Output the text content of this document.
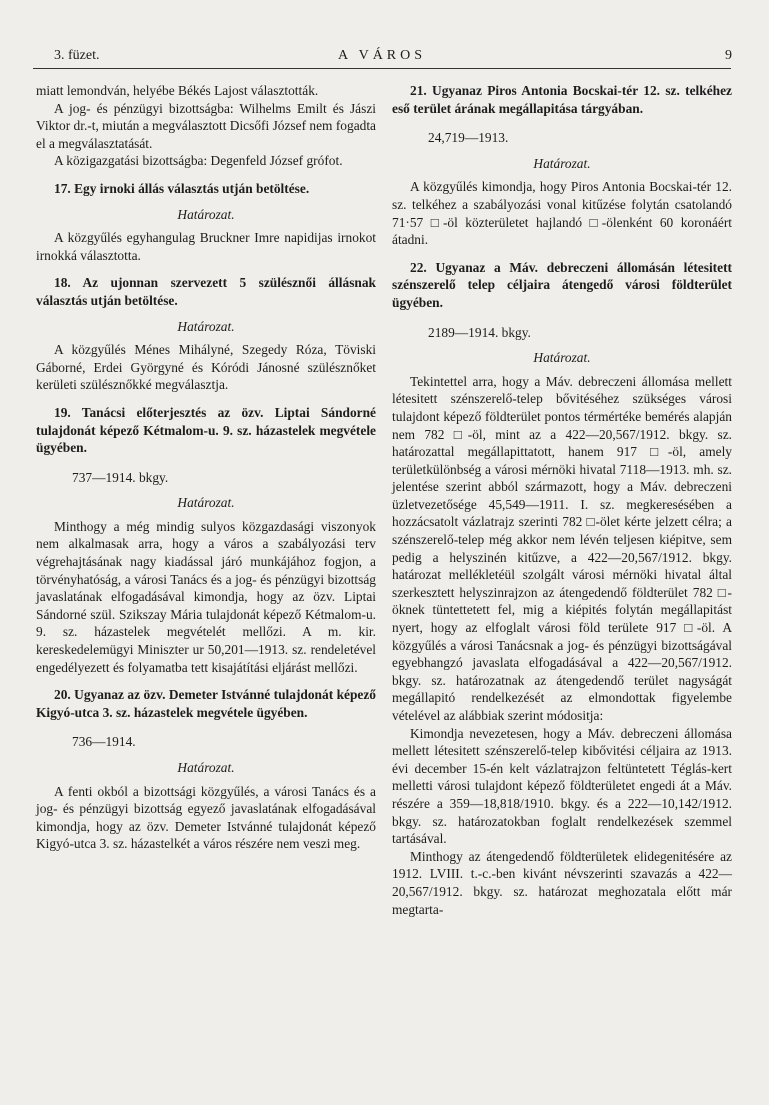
3. füzet.	A VÁROS	9

miatt lemondván, helyébe Békés Lajost választották.

A jog- és pénzügyi bizottságba: Wilhelms Emilt és Jászi Viktor dr.-t, miután a megválasztott Dicsőfi József nem fogadta el a megválasztatását.

A közigazgatási bizottságba: Degenfeld József grófot.

17. Egy irnoki állás választás utján betöltése.
Határozat.

A közgyűlés egyhangulag Bruckner Imre napidijas irnokot irnokká választotta.

18. Az ujonnan szervezett 5 szülésznői állásnak választás utján betöltése.
Határozat.

A közgyűlés Ménes Mihályné, Szegedy Róza, Töviski Gáborné, Erdei Györgyné és Kóródi Jánosné szülésznőket kerületi szülésznőkké megválasztja.

19. Tanácsi előterjesztés az özv. Liptai Sándorné tulajdonát képező Kétmalom-u. 9. sz. házastelek megvétele ügyében.
737—1914. bkgy.
Határozat.

Minthogy a még mindig sulyos közgazdasági viszonyok nem alkalmasak arra, hogy a város a szabályozási terv végrehajtásának nagy kiadással járó munkájához fogjon, a törvényhatóság, a városi Tanács és a jog- és pénzügyi bizottság javaslatának elfogadásával kimondja, hogy az özv. Liptai Sándorné szül. Szikszay Mária tulajdonát képező Kétmalom-u. 9. sz. házastelek megvételét mellőzi. A m. kir. kereskedelemügyi Miniszter ur 50,201—1913. sz. rendeletével engedélyezett és folyamatba tett kisajátítási eljárást mellőzi.

20. Ugyanaz az özv. Demeter Istvánné tulajdonát képező Kigyó-utca 3. sz. házastelek megvétele ügyében.
736—1914.
Határozat.

A fenti okból a bizottsági közgyűlés, a városi Tanács és a jog- és pénzügyi bizottság egyező javaslatának elfogadásával kimondja, hogy az özv. Demeter Istvánné tulajdonát képező Kigyó-utca 3. sz. házastelkét a város részére nem veszi meg.

21. Ugyanaz Piros Antonia Bocskai-tér 12. sz. telkéhez eső terület árának megállapitása tárgyában.
24,719—1913.
Határozat.

A közgyűlés kimondja, hogy Piros Antonia Bocskai-tér 12. sz. telkéhez a szabályozási vonal kitűzése folytán csatolandó 71·57 □-öl közterületet hajlandó □-ölenként 60 koronáért átadni.

22. Ugyanaz a Máv. debreczeni állomásán létesitett szénszerelő telep céljaira átengedő városi földterület ügyében.
2189—1914. bkgy.
Határozat.

Tekintettel arra, hogy a Máv. debreczeni állomása mellett létesitett szénszerelő-telep bővitéséhez szükséges városi tulajdont képező földterület pontos térmértéke bemérés alapján nem 782 □-öl, mint az a 422—20,567/1912. bkgy. sz. határozattal megállapittatott, hanem 917 □-öl, amely területkülönbség a városi mérnöki hivatal 7118—1913. mh. sz. jelentése szerint abból származott, hogy a Máv. debreczeni üzletvezetősége 45,549—1911. I. sz. megkeresésében a hozzácsatolt vázlatrajz szerinti 782 □-ölet kérte jelzett célra; a szénszerelő-telep még akkor nem lévén teljesen kiépitve, sem pedig a helyszinén kitűzve, a 422—20,567/1912. bkgy. határozat mellékletéül szolgált városi mérnöki hivatal által szerkesztett helyszinrajzon az átengedendő földterület 782 □-öknek tüntettetett fel, mig a kiépités folytán megállapitást nyert, hogy az elfoglalt városi föld területe 917 □-öl. A közgyűlés a városi Tanácsnak a jog- és pénzügyi bizottságával egyebhangzó javaslata elfogadásával a 422—20,567/1912. bkgy. sz. határozatnak az átengedendő terület nagyságát megállapitó rendelkezését az elmondottak figyelembe vételével az alábbiak szerint módositja:

Kimondja nevezetesen, hogy a Máv. debreczeni állomása mellett létesitett szénszerelő-telep kibővitési céljaira az 1913. évi december 15-én kelt vázlatrajzon feltüntetett Téglás-kert melletti városi tulajdont képező földterületet engedi át a Máv. részére a 359—18,818/1910. bkgy. és a 222—10,142/1912. bkgy. sz. határozatokban foglalt rendelkezések szemmel tartásával.

Minthogy az átengedendő földterületek elidegenitésére az 1912. LVIII. t.-c.-ben kivánt névszerinti szavazás a 422—20,567/1912. bkgy. sz. határozat meghozatala előtt már megtarta-
